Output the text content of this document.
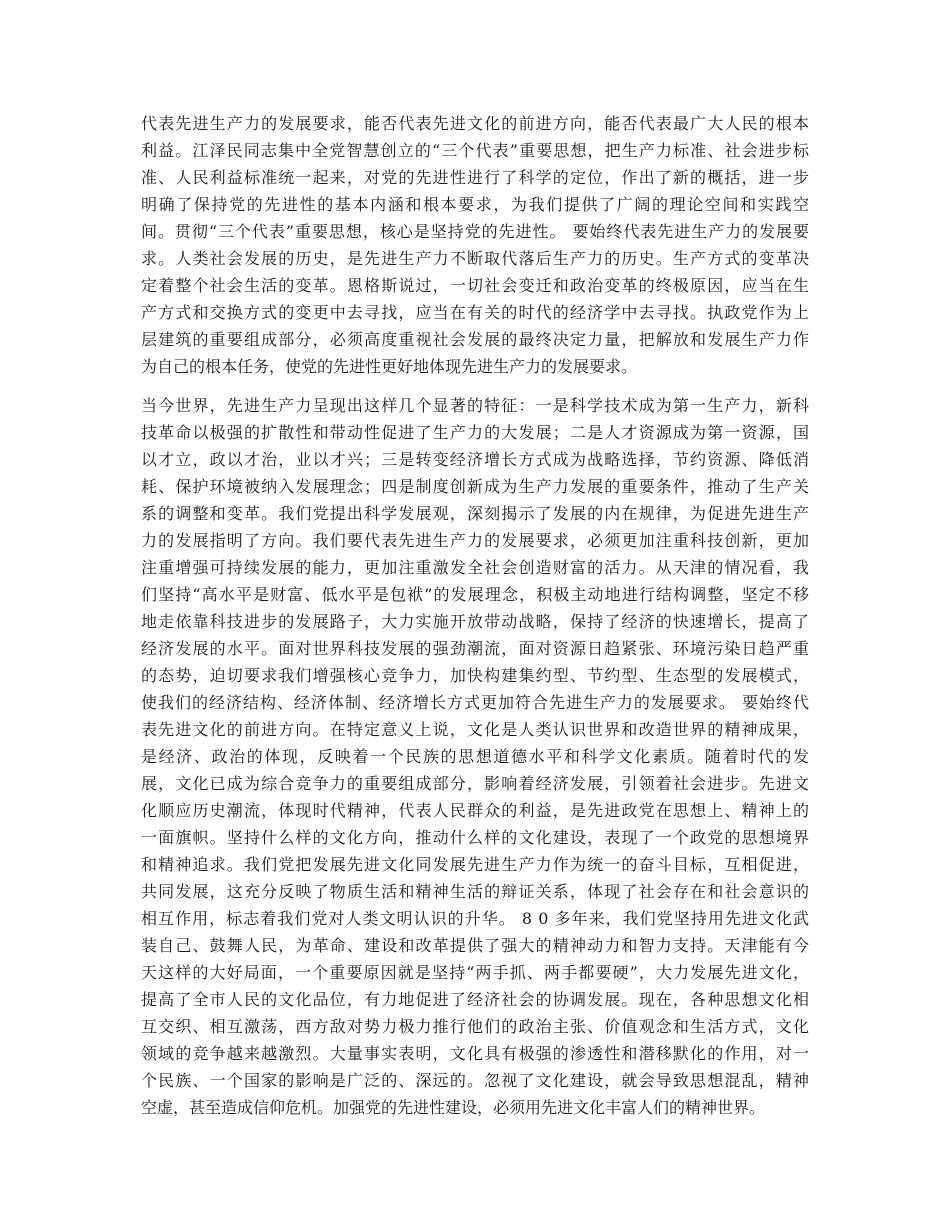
代表先进生产力的发展要求，能否代表先进文化的前进方向，能否代表最广大人民的根本
利益。江泽民同志集中全党智慧创立的“三个代表”重要思想，把生产力标准、社会进步标
准、人民利益标准统一起来，对党的先进性进行了科学的定位，作出了新的概括，进一步
明确了保持党的先进性的基本内涵和根本要求，为我们提供了广阔的理论空间和实践空
间。贯彻“三个代表”重要思想，核心是坚持党的先进性。 要始终代表先进生产力的发展要
求。人类社会发展的历史，是先进生产力不断取代落后生产力的历史。生产方式的变革决
定着整个社会生活的变革。恩格斯说过，一切社会变迁和政治变革的终极原因，应当在生
产方式和交换方式的变更中去寻找，应当在有关的时代的经济学中去寻找。执政党作为上
层建筑的重要组成部分，必须高度重视社会发展的最终决定力量，把解放和发展生产力作
为自己的根本任务，使党的先进性更好地体现先进生产力的发展要求。
当今世界，先进生产力呈现出这样几个显著的特征：一是科学技术成为第一生产力，新科
技革命以极强的扩散性和带动性促进了生产力的大发展；二是人才资源成为第一资源，国
以才立，政以才治，业以才兴；三是转变经济增长方式成为战略选择，节约资源、降低消
耗、保护环境被纳入发展理念；四是制度创新成为生产力发展的重要条件，推动了生产关
系的调整和变革。我们党提出科学发展观，深刻揭示了发展的内在规律，为促进先进生产
力的发展指明了方向。我们要代表先进生产力的发展要求，必须更加注重科技创新，更加
注重增强可持续发展的能力，更加注重激发全社会创造财富的活力。从天津的情况看，我
们坚持“高水平是财富、低水平是包袱”的发展理念，积极主动地进行结构调整，坚定不移
地走依靠科技进步的发展路子，大力实施开放带动战略，保持了经济的快速增长，提高了
经济发展的水平。面对世界科技发展的强劲潮流，面对资源日趋紧张、环境污染日趋严重
的态势，迫切要求我们增强核心竞争力，加快构建集约型、节约型、生态型的发展模式，
使我们的经济结构、经济体制、经济增长方式更加符合先进生产力的发展要求。 要始终代
表先进文化的前进方向。在特定意义上说，文化是人类认识世界和改造世界的精神成果，
是经济、政治的体现，反映着一个民族的思想道德水平和科学文化素质。随着时代的发
展，文化已成为综合竞争力的重要组成部分，影响着经济发展，引领着社会进步。先进文
化顺应历史潮流，体现时代精神，代表人民群众的利益，是先进政党在思想上、精神上的
一面旗帜。坚持什么样的文化方向，推动什么样的文化建设，表现了一个政党的思想境界
和精神追求。我们党把发展先进文化同发展先进生产力作为统一的奋斗目标，互相促进，
共同发展，这充分反映了物质生活和精神生活的辩证关系，体现了社会存在和社会意识的
相互作用，标志着我们党对人类文明认识的升华。 8 0 多年来，我们党坚持用先进文化武
装自己、鼓舞人民，为革命、建设和改革提供了强大的精神动力和智力支持。天津能有今
天这样的大好局面，一个重要原因就是坚持“两手抓、两手都要硬”，大力发展先进文化，
提高了全市人民的文化品位，有力地促进了经济社会的协调发展。现在，各种思想文化相
互交织、相互激荡，西方敌对势力极力推行他们的政治主张、价值观念和生活方式，文化
领域的竞争越来越激烈。大量事实表明，文化具有极强的渗透性和潜移默化的作用，对一
个民族、一个国家的影响是广泛的、深远的。忽视了文化建设，就会导致思想混乱，精神
空虚，甚至造成信仰危机。加强党的先进性建设，必须用先进文化丰富人们的精神世界。
